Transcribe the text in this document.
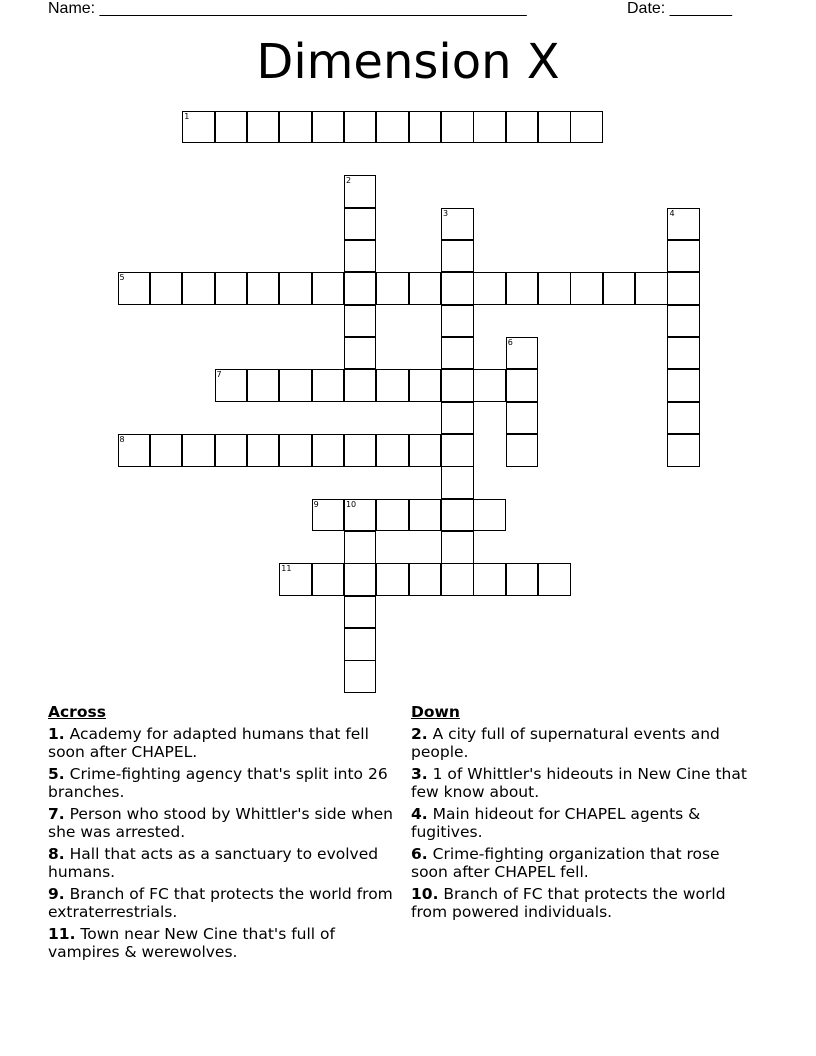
Name: ________________________________________________	Date: _______
Dimension X
1
2
3	4
5
6
7
8
9	10
11
Across
1. Academy for adapted humans that fell soon after CHAPEL.
5. Crime-fighting agency that's split into 26 branches.
7. Person who stood by Whittler's side when she was arrested.
8. Hall that acts as a sanctuary to evolved humans.
9. Branch of FC that protects the world from extraterrestrials.
11. Town near New Cine that's full of vampires & werewolves.
Down
2. A city full of supernatural events and people.
3. 1 of Whittler's hideouts in New Cine that few know about.
4. Main hideout for CHAPEL agents & fugitives.
6. Crime-fighting organization that rose soon after CHAPEL fell.
10. Branch of FC that protects the world from powered individuals.
